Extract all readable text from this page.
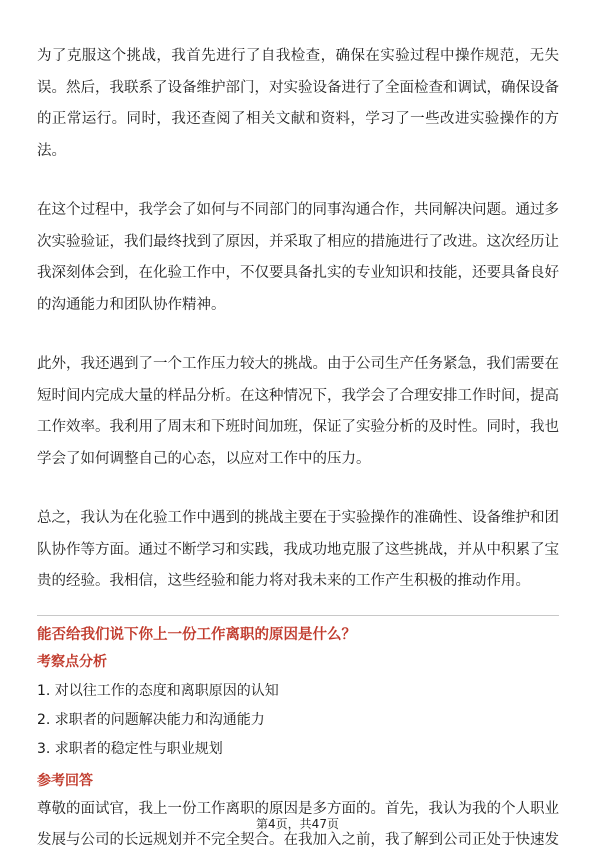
为了克服这个挑战，我首先进行了自我检查，确保在实验过程中操作规范，无失误。然后，我联系了设备维护部门，对实验设备进行了全面检查和调试，确保设备的正常运行。同时，我还查阅了相关文献和资料，学习了一些改进实验操作的方法。

在这个过程中，我学会了如何与不同部门的同事沟通合作，共同解决问题。通过多次实验验证，我们最终找到了原因，并采取了相应的措施进行了改进。这次经历让我深刻体会到，在化验工作中，不仅要具备扎实的专业知识和技能，还要具备良好的沟通能力和团队协作精神。

此外，我还遇到了一个工作压力较大的挑战。由于公司生产任务紧急，我们需要在短时间内完成大量的样品分析。在这种情况下，我学会了合理安排工作时间，提高工作效率。我利用了周末和下班时间加班，保证了实验分析的及时性。同时，我也学会了如何调整自己的心态，以应对工作中的压力。

总之，我认为在化验工作中遇到的挑战主要在于实验操作的准确性、设备维护和团队协作等方面。通过不断学习和实践，我成功地克服了这些挑战，并从中积累了宝贵的经验。我相信，这些经验和能力将对我未来的工作产生积极的推动作用。

能否给我们说下你上一份工作离职的原因是什么？
考察点分析
1. 对以往工作的态度和离职原因的认知
2. 求职者的问题解决能力和沟通能力
3. 求职者的稳定性与职业规划
参考回答

尊敬的面试官，我上一份工作离职的原因是多方面的。首先，我认为我的个人职业发展与公司的长远规划并不完全契合。在我加入之前，我了解到公司正处于快速发

第4页，共47页
